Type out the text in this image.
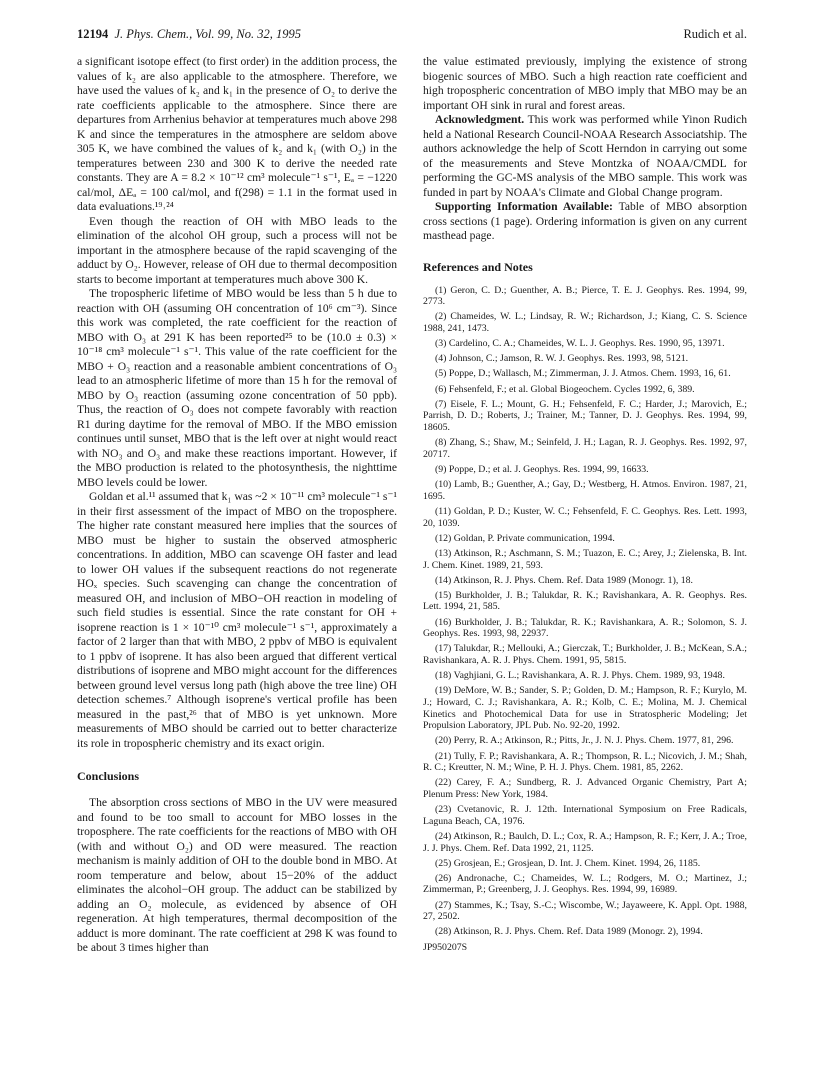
12194 J. Phys. Chem., Vol. 99, No. 32, 1995	Rudich et al.

a significant isotope effect (to first order) in the addition process, the values of k₂ are also applicable to the atmosphere. Therefore, we have used the values of k₂ and k₁ in the presence of O₂ to derive the rate coefficients applicable to the atmosphere. Since there are departures from Arrhenius behavior at temperatures much above 298 K and since the temperatures in the atmosphere are seldom above 305 K, we have combined the values of k₂ and k₁ (with O₂) in the temperatures between 230 and 300 K to derive the needed rate constants. They are A = 8.2 × 10⁻¹² cm³ molecule⁻¹ s⁻¹, Eₐ = −1220 cal/mol, ΔEₐ = 100 cal/mol, and f(298) = 1.1 in the format used in data evaluations.¹⁹˒²⁴

Even though the reaction of OH with MBO leads to the elimination of the alcohol OH group, such a process will not be important in the atmosphere because of the rapid scavenging of the adduct by O₂. However, release of OH due to thermal decomposition starts to become important at temperatures much above 300 K.

The tropospheric lifetime of MBO would be less than 5 h due to reaction with OH (assuming OH concentration of 10⁶ cm⁻³). Since this work was completed, the rate coefficient for the reaction of MBO with O₃ at 291 K has been reported²⁵ to be (10.0 ± 0.3) × 10⁻¹⁸ cm³ molecule⁻¹ s⁻¹. This value of the rate coefficient for the MBO + O₃ reaction and a reasonable ambient concentrations of O₃ lead to an atmospheric lifetime of more than 15 h for the removal of MBO by O₃ reaction (assuming ozone concentration of 50 ppb). Thus, the reaction of O₃ does not compete favorably with reaction R1 during daytime for the removal of MBO. If the MBO emission continues until sunset, MBO that is the left over at night would react with NO₃ and O₃ and make these reactions important. However, if the MBO production is related to the photosynthesis, the nighttime MBO levels could be lower.

Goldan et al.¹¹ assumed that k₁ was ~2 × 10⁻¹¹ cm³ molecule⁻¹ s⁻¹ in their first assessment of the impact of MBO on the troposphere. The higher rate constant measured here implies that the sources of MBO must be higher to sustain the observed atmospheric concentrations. In addition, MBO can scavenge OH faster and lead to lower OH values if the subsequent reactions do not regenerate HOₓ species. Such scavenging can change the concentration of measured OH, and inclusion of MBO−OH reaction in modeling of such field studies is essential. Since the rate constant for OH + isoprene reaction is 1 × 10⁻¹⁰ cm³ molecule⁻¹ s⁻¹, approximately a factor of 2 larger than that with MBO, 2 ppbv of MBO is equivalent to 1 ppbv of isoprene. It has also been argued that different vertical distributions of isoprene and MBO might account for the differences between ground level versus long path (high above the tree line) OH detection schemes.⁷ Although isoprene's vertical profile has been measured in the past,²⁶ that of MBO is yet unknown. More measurements of MBO should be carried out to better characterize its role in tropospheric chemistry and its exact origin.

Conclusions

The absorption cross sections of MBO in the UV were measured and found to be too small to account for MBO losses in the troposphere. The rate coefficients for the reactions of MBO with OH (with and without O₂) and OD were measured. The reaction mechanism is mainly addition of OH to the double bond in MBO. At room temperature and below, about 15−20% of the adduct eliminates the alcohol−OH group. The adduct can be stabilized by adding an O₂ molecule, as evidenced by absence of OH regeneration. At high temperatures, thermal decomposition of the adduct is more dominant. The rate coefficient at 298 K was found to be about 3 times higher than

the value estimated previously, implying the existence of strong biogenic sources of MBO. Such a high reaction rate coefficient and high tropospheric concentration of MBO imply that MBO may be an important OH sink in rural and forest areas.

Acknowledgment. This work was performed while Yinon Rudich held a National Research Council-NOAA Research Associatship. The authors acknowledge the help of Scott Herndon in carrying out some of the measurements and Steve Montzka of NOAA/CMDL for performing the GC-MS analysis of the MBO sample. This work was funded in part by NOAA's Climate and Global Change program.

Supporting Information Available: Table of MBO absorption cross sections (1 page). Ordering information is given on any current masthead page.

References and Notes
(1) Geron, C. D.; Guenther, A. B.; Pierce, T. E. J. Geophys. Res. 1994, 99, 2773.
(2) Chameides, W. L.; Lindsay, R. W.; Richardson, J.; Kiang, C. S. Science 1988, 241, 1473.
(3) Cardelino, C. A.; Chameides, W. L. J. Geophys. Res. 1990, 95, 13971.
(4) Johnson, C.; Jamson, R. W. J. Geophys. Res. 1993, 98, 5121.
(5) Poppe, D.; Wallasch, M.; Zimmerman, J. J. Atmos. Chem. 1993, 16, 61.
(6) Fehsenfeld, F.; et al. Global Biogeochem. Cycles 1992, 6, 389.
(7) Eisele, F. L.; Mount, G. H.; Fehsenfeld, F. C.; Harder, J.; Marovich, E.; Parrish, D. D.; Roberts, J.; Trainer, M.; Tanner, D. J. Geophys. Res. 1994, 99, 18605.
(8) Zhang, S.; Shaw, M.; Seinfeld, J. H.; Lagan, R. J. Geophys. Res. 1992, 97, 20717.
(9) Poppe, D.; et al. J. Geophys. Res. 1994, 99, 16633.
(10) Lamb, B.; Guenther, A.; Gay, D.; Westberg, H. Atmos. Environ. 1987, 21, 1695.
(11) Goldan, P. D.; Kuster, W. C.; Fehsenfeld, F. C. Geophys. Res. Lett. 1993, 20, 1039.
(12) Goldan, P. Private communication, 1994.
(13) Atkinson, R.; Aschmann, S. M.; Tuazon, E. C.; Arey, J.; Zielenska, B. Int. J. Chem. Kinet. 1989, 21, 593.
(14) Atkinson, R. J. Phys. Chem. Ref. Data 1989 (Monogr. 1), 18.
(15) Burkholder, J. B.; Talukdar, R. K.; Ravishankara, A. R. Geophys. Res. Lett. 1994, 21, 585.
(16) Burkholder, J. B.; Talukdar, R. K.; Ravishankara, A. R.; Solomon, S. J. Geophys. Res. 1993, 98, 22937.
(17) Talukdar, R.; Mellouki, A.; Gierczak, T.; Burkholder, J. B.; McKean, S.A.; Ravishankara, A. R. J. Phys. Chem. 1991, 95, 5815.
(18) Vaghjiani, G. L.; Ravishankara, A. R. J. Phys. Chem. 1989, 93, 1948.
(19) DeMore, W. B.; Sander, S. P.; Golden, D. M.; Hampson, R. F.; Kurylo, M. J.; Howard, C. J.; Ravishankara, A. R.; Kolb, C. E.; Molina, M. J. Chemical Kinetics and Photochemical Data for use in Stratospheric Modeling; Jet Propulsion Laboratory, JPL Pub. No. 92-20, 1992.
(20) Perry, R. A.; Atkinson, R.; Pitts, Jr., J. N. J. Phys. Chem. 1977, 81, 296.
(21) Tully, F. P.; Ravishankara, A. R.; Thompson, R. L.; Nicovich, J. M.; Shah, R. C.; Kreutter, N. M.; Wine, P. H. J. Phys. Chem. 1981, 85, 2262.
(22) Carey, F. A.; Sundberg, R. J. Advanced Organic Chemistry, Part A; Plenum Press: New York, 1984.
(23) Cvetanovic, R. J. 12th. International Symposium on Free Radicals, Laguna Beach, CA, 1976.
(24) Atkinson, R.; Baulch, D. L.; Cox, R. A.; Hampson, R. F.; Kerr, J. A.; Troe, J. J. Phys. Chem. Ref. Data 1992, 21, 1125.
(25) Grosjean, E.; Grosjean, D. Int. J. Chem. Kinet. 1994, 26, 1185.
(26) Andronache, C.; Chameides, W. L.; Rodgers, M. O.; Martinez, J.; Zimmerman, P.; Greenberg, J. J. Geophys. Res. 1994, 99, 16989.
(27) Stammes, K.; Tsay, S.-C.; Wiscombe, W.; Jayaweere, K. Appl. Opt. 1988, 27, 2502.
(28) Atkinson, R. J. Phys. Chem. Ref. Data 1989 (Monogr. 2), 1994.
JP950207S
